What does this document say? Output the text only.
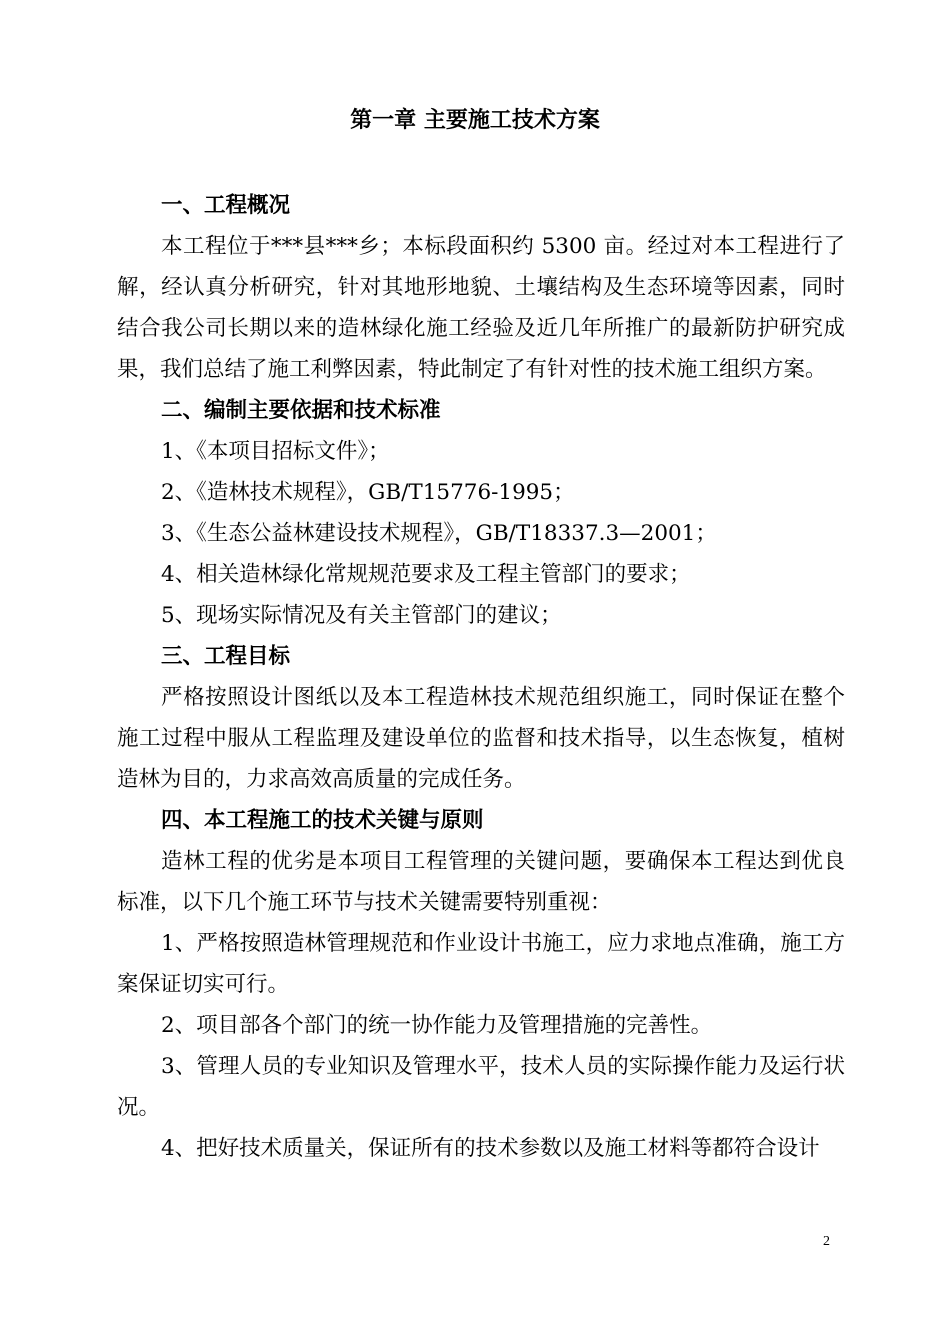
第一章 主要施工技术方案

一、工程概况

本工程位于***县***乡；本标段面积约 5300 亩。经过对本工程进行了解，经认真分析研究，针对其地形地貌、土壤结构及生态环境等因素，同时结合我公司长期以来的造林绿化施工经验及近几年所推广的最新防护研究成果，我们总结了施工利弊因素，特此制定了有针对性的技术施工组织方案。

二、编制主要依据和技术标准

1、《本项目招标文件》；

2、《造林技术规程》，GB/T15776-1995；

3、《生态公益林建设技术规程》，GB/T18337.3—2001；

4、相关造林绿化常规规范要求及工程主管部门的要求；

5、现场实际情况及有关主管部门的建议；

三、工程目标

严格按照设计图纸以及本工程造林技术规范组织施工，同时保证在整个施工过程中服从工程监理及建设单位的监督和技术指导，以生态恢复，植树造林为目的，力求高效高质量的完成任务。

四、本工程施工的技术关键与原则

造林工程的优劣是本项目工程管理的关键问题，要确保本工程达到优良标准，以下几个施工环节与技术关键需要特别重视：

1、严格按照造林管理规范和作业设计书施工，应力求地点准确，施工方案保证切实可行。

2、项目部各个部门的统一协作能力及管理措施的完善性。

3、管理人员的专业知识及管理水平，技术人员的实际操作能力及运行状况。

4、把好技术质量关，保证所有的技术参数以及施工材料等都符合设计

2
